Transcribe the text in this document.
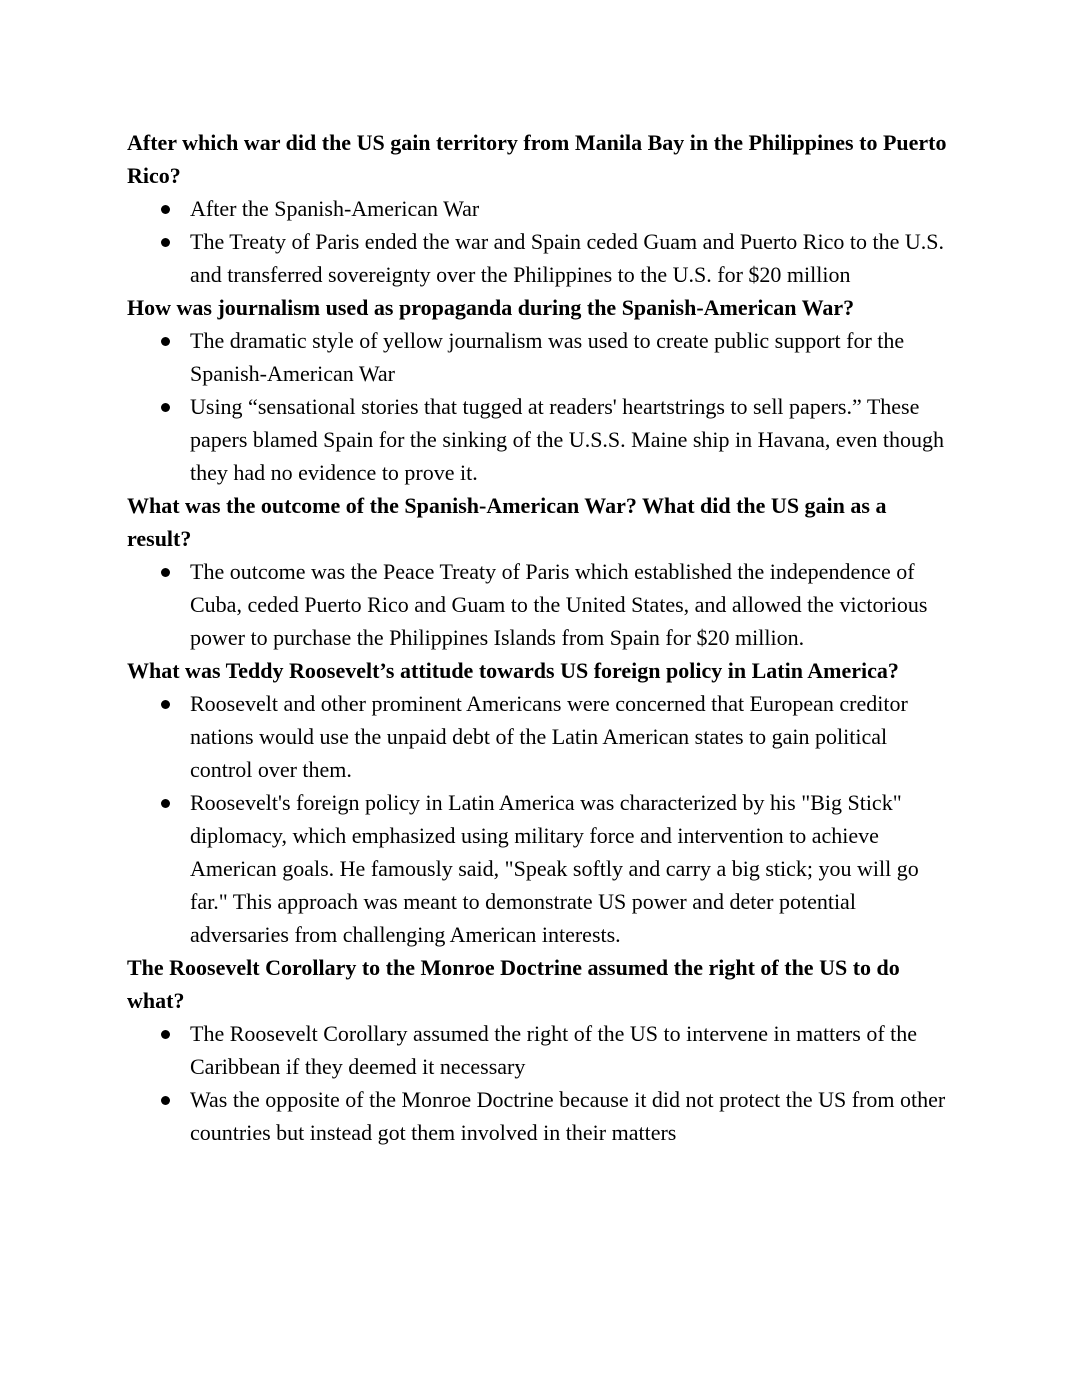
After which war did the US gain territory from Manila Bay in the Philippines to Puerto Rico?
After the Spanish-American War
The Treaty of Paris ended the war and Spain ceded Guam and Puerto Rico to the U.S. and transferred sovereignty over the Philippines to the U.S. for $20 million
How was journalism used as propaganda during the Spanish-American War?
The dramatic style of yellow journalism was used to create public support for the Spanish-American War
Using “sensational stories that tugged at readers' heartstrings to sell papers.” These papers blamed Spain for the sinking of the U.S.S. Maine ship in Havana, even though they had no evidence to prove it.
What was the outcome of the Spanish-American War? What did the US gain as a result?
The outcome was the Peace Treaty of Paris which established the independence of Cuba, ceded Puerto Rico and Guam to the United States, and allowed the victorious power to purchase the Philippines Islands from Spain for $20 million.
What was Teddy Roosevelt’s attitude towards US foreign policy in Latin America?
Roosevelt and other prominent Americans were concerned that European creditor nations would use the unpaid debt of the Latin American states to gain political control over them.
Roosevelt's foreign policy in Latin America was characterized by his "Big Stick" diplomacy, which emphasized using military force and intervention to achieve American goals. He famously said, "Speak softly and carry a big stick; you will go far." This approach was meant to demonstrate US power and deter potential adversaries from challenging American interests.
The Roosevelt Corollary to the Monroe Doctrine assumed the right of the US to do what?
The Roosevelt Corollary assumed the right of the US to intervene in matters of the Caribbean if they deemed it necessary
Was the opposite of the Monroe Doctrine because it did not protect the US from other countries but instead got them involved in their matters
